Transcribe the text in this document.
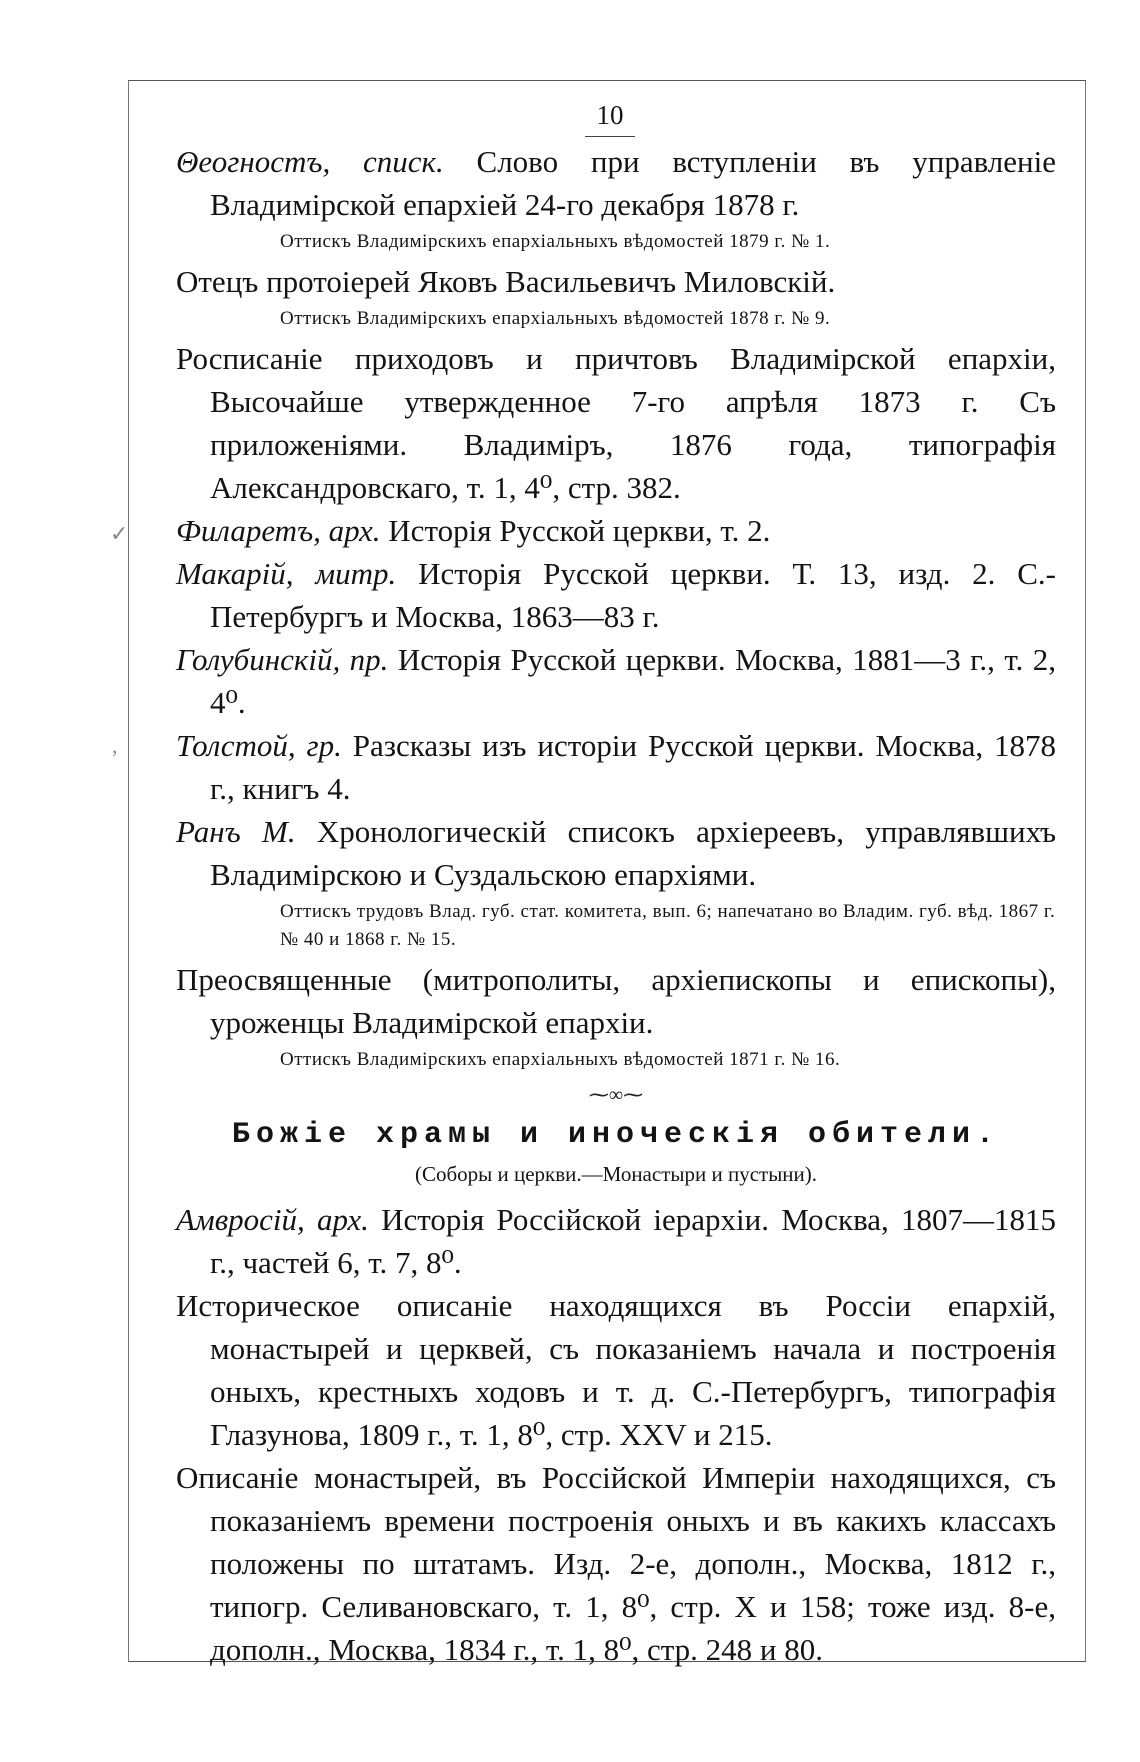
✓
,
10

Θеогностъ, списк. Слово при вступленiи въ управленiе Владимiрской епархiей 24-го декабря 1878 г.

Оттискъ Владимiрскихъ епархiальныхъ вѣдомостей 1879 г. № 1.

Отецъ протоiерей Яковъ Васильевичъ Миловскiй.

Оттискъ Владимiрскихъ епархiальныхъ вѣдомостей 1878 г. № 9.

Росписанiе приходовъ и причтовъ Владимiрской епархiи, Высочайше утвержденное 7-го апрѣля 1873 г. Съ приложенiями. Владимiръ, 1876 года, типографiя Александровскаго, т. 1, 4⁰, стр. 382.

Филаретъ, арх. Исторiя Русской церкви, т. 2.

Макарiй, митр. Исторiя Русской церкви. Т. 13, изд. 2. С.-Петербургъ и Москва, 1863—83 г.

Голубинскiй, пр. Исторiя Русской церкви. Москва, 1881—3 г., т. 2, 4⁰.

Толстой, гр. Разсказы изъ исторiи Русской церкви. Москва, 1878 г., книгъ 4.

Ранъ М. Хронологическiй списокъ архiереевъ, управлявшихъ Владимiрскою и Суздальскою епархiями.

Оттискъ трудовъ Влад. губ. стат. комитета, вып. 6; напечатано во Владим. губ. вѣд. 1867 г. № 40 и 1868 г. № 15.

Преосвященные (митрополиты, архiепископы и епископы), уроженцы Владимiрской епархiи.

Оттискъ Владимiрскихъ епархiальныхъ вѣдомостей 1871 г. № 16.
⁓∞⁓
Божiе храмы и иноческiя обители.
(Соборы и церкви.—Монастыри и пустыни).

Амвросiй, арх. Исторiя Россiйской iерархiи. Москва, 1807—1815 г., частей 6, т. 7, 8⁰.

Историческое описанiе находящихся въ Россiи епархiй, монастырей и церквей, съ показанiемъ начала и построенiя оныхъ, крестныхъ ходовъ и т. д. С.-Петербургъ, типографiя Глазунова, 1809 г., т. 1, 8⁰, стр. XXV и 215.

Описанiе монастырей, въ Россiйской Имперiи находящихся, съ показанiемъ времени построенiя оныхъ и въ какихъ классахъ положены по штатамъ. Изд. 2-е, дополн., Москва, 1812 г., типогр. Селивановскаго, т. 1, 8⁰, стр. X и 158; тоже изд. 8-е, дополн., Москва, 1834 г., т. 1, 8⁰, стр. 248 и 80.
